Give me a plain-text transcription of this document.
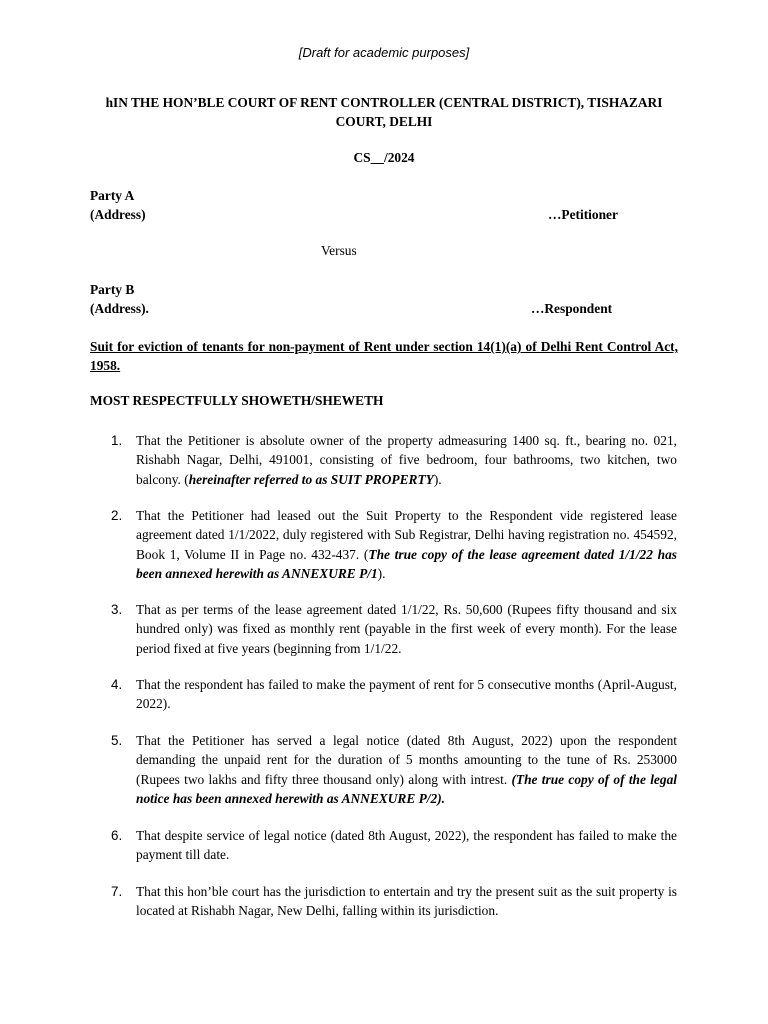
[Draft for academic purposes]
hIN THE HON’BLE COURT OF RENT CONTROLLER (CENTRAL DISTRICT), TISHAZARI COURT, DELHI
CS__/2024
Party A
(Address)	…Petitioner
Versus
Party B
(Address).	…Respondent
Suit for eviction of tenants for non-payment of Rent under section 14(1)(a) of Delhi Rent Control Act, 1958.
MOST RESPECTFULLY SHOWETH/SHEWETH
1. That the Petitioner is absolute owner of the property admeasuring 1400 sq. ft., bearing no. 021, Rishabh Nagar, Delhi, 491001, consisting of five bedroom, four bathrooms, two kitchen, two balcony. (hereinafter referred to as SUIT PROPERTY).
2. That the Petitioner had leased out the Suit Property to the Respondent vide registered lease agreement dated 1/1/2022, duly registered with Sub Registrar, Delhi having registration no. 454592, Book 1, Volume II in Page no. 432-437. (The true copy of the lease agreement dated 1/1/22 has been annexed herewith as ANNEXURE P/1).
3. That as per terms of the lease agreement dated 1/1/22, Rs. 50,600 (Rupees fifty thousand and six hundred only) was fixed as monthly rent (payable in the first week of every month). For the lease period fixed at five years (beginning from 1/1/22.
4. That the respondent has failed to make the payment of rent for 5 consecutive months (April-August, 2022).
5. That the Petitioner has served a legal notice (dated 8th August, 2022) upon the respondent demanding the unpaid rent for the duration of 5 months amounting to the tune of Rs. 253000 (Rupees two lakhs and fifty three thousand only) along with intrest. (The true copy of of the legal notice has been annexed herewith as ANNEXURE P/2).
6. That despite service of legal notice (dated 8th August, 2022), the respondent has failed to make the payment till date.
7. That this hon’ble court has the jurisdiction to entertain and try the present suit as the suit property is located at Rishabh Nagar, New Delhi, falling within its jurisdiction.
